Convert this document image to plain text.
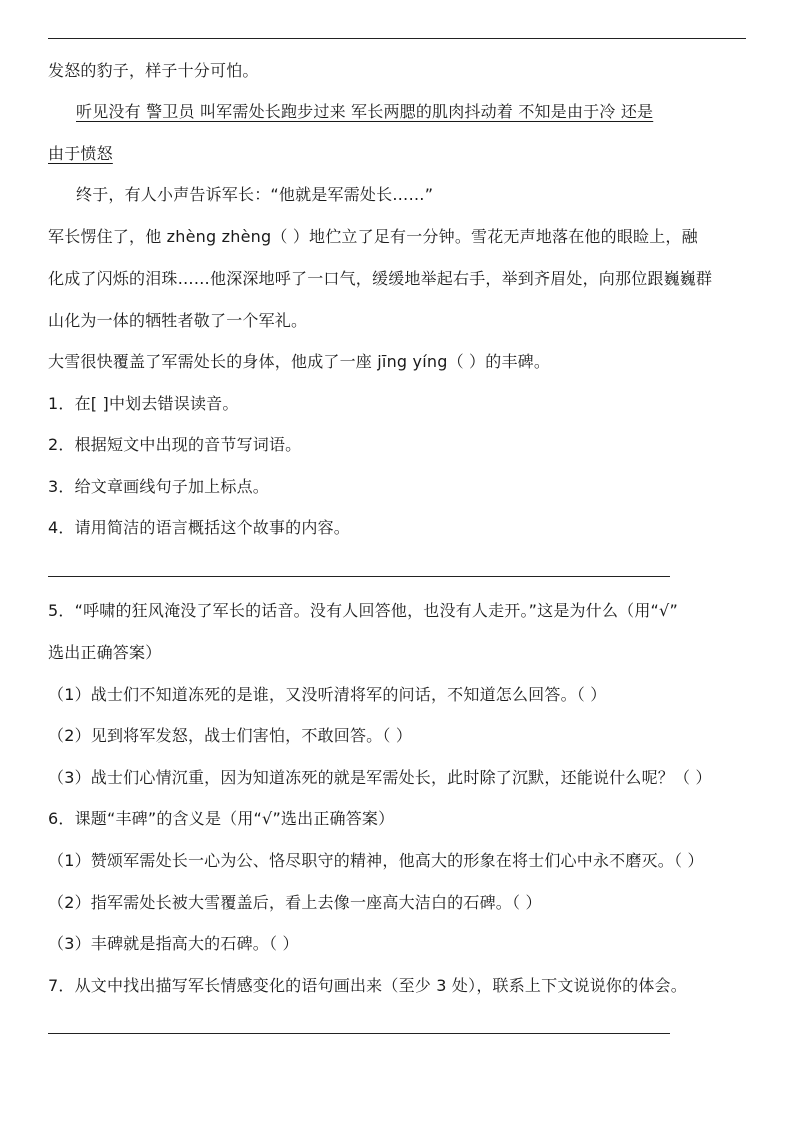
发怒的豹子，样子十分可怕。
听见没有 警卫员 叫军需处长跑步过来 军长两腮的肌肉抖动着 不知是由于冷 还是
由于愤怒
终于，有人小声告诉军长：“他就是军需处长……”
军长愣住了，他 zhèng zhèng（ ）地伫立了足有一分钟。雪花无声地落在他的眼睑上，融
化成了闪烁的泪珠……他深深地呼了一口气，缓缓地举起右手，举到齐眉处，向那位跟巍巍群
山化为一体的牺牲者敬了一个军礼。
大雪很快覆盖了军需处长的身体，他成了一座 jīng yíng（ ）的丰碑。
1．在[ ]中划去错误读音。
2．根据短文中出现的音节写词语。
3．给文章画线句子加上标点。
4．请用简洁的语言概括这个故事的内容。
5．“呼啸的狂风淹没了军长的话音。没有人回答他，也没有人走开。”这是为什么（用“√”
选出正确答案）
（1）战士们不知道冻死的是谁，又没听清将军的问话，不知道怎么回答。（ ）
（2）见到将军发怒，战士们害怕，不敢回答。（ ）
（3）战士们心情沉重，因为知道冻死的就是军需处长，此时除了沉默，还能说什么呢？（ ）
6．课题“丰碑”的含义是（用“√”选出正确答案）
（1）赞颂军需处长一心为公、恪尽职守的精神，他高大的形象在将士们心中永不磨灭。（ ）
（2）指军需处长被大雪覆盖后，看上去像一座高大洁白的石碑。（ ）
（3）丰碑就是指高大的石碑。（ ）
7．从文中找出描写军长情感变化的语句画出来（至少 3 处），联系上下文说说你的体会。
